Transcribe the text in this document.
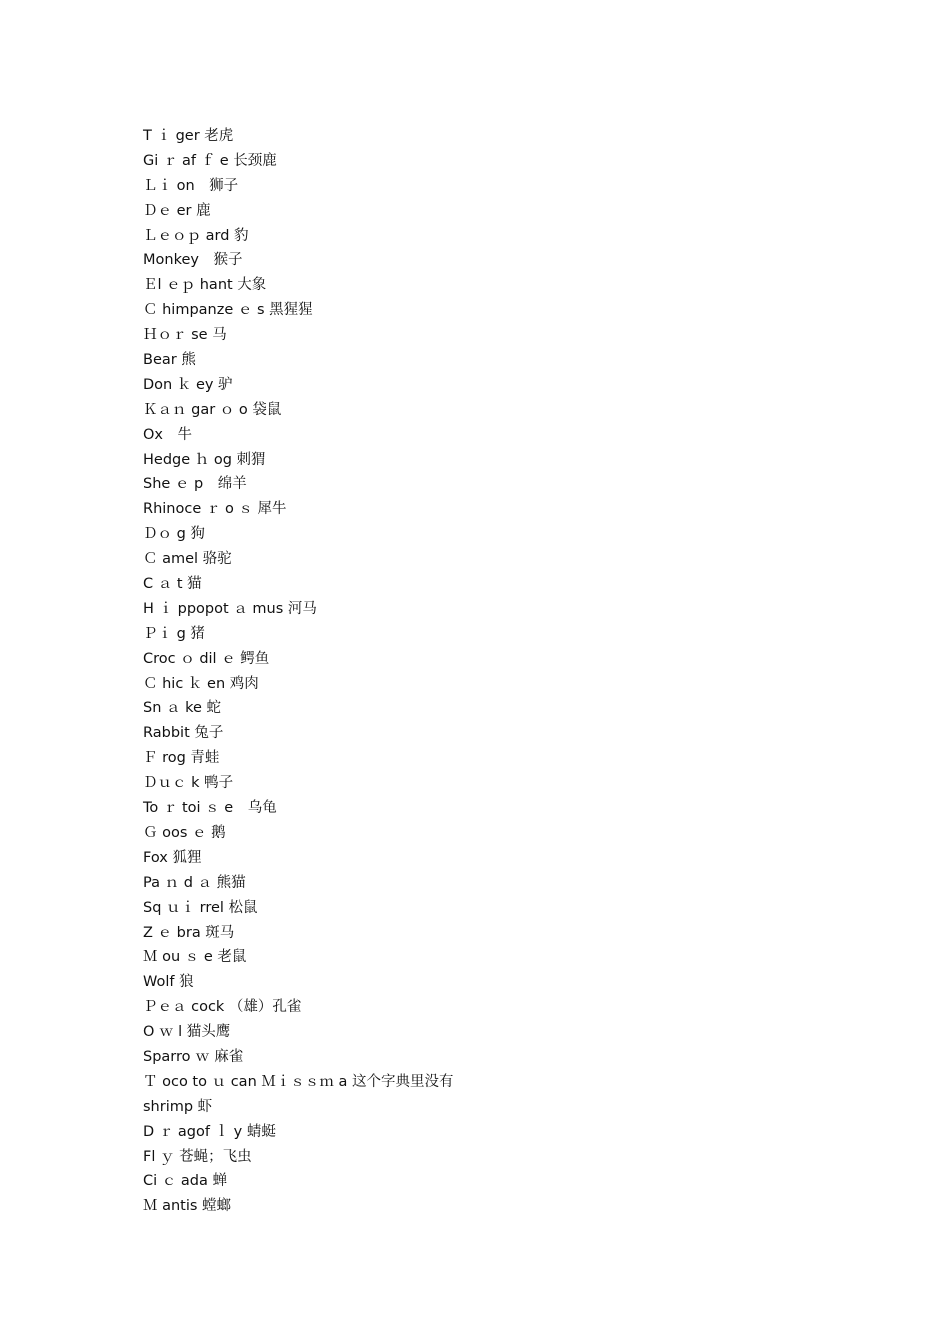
T ｉ ger 老虎
Gi ｒ af ｆ e 长颈鹿
Ｌｉ on　狮子
Ｄｅ er 鹿
Ｌｅｏｐ ard 豹
Monkey　猴子
Ｅl ｅｐ hant 大象
Ｃ himpanze ｅ s 黑猩猩
Ｈｏｒ se 马
Bear 熊
Don ｋ ey 驴
Ｋａｎ gar ｏ o 袋鼠
Ox　牛
Hedge ｈ og 刺猬
She ｅ p　绵羊
Rhinoce ｒ o ｓ 犀牛
Ｄｏ g 狗
Ｃ amel 骆驼
C ａ t 猫
H ｉ ppopot ａ mus 河马
Ｐｉ g 猪
Croc ｏ dil ｅ 鳄鱼
Ｃ hic ｋ en 鸡肉
Sn ａ ke 蛇
Rabbit 兔子
Ｆ rog 青蛙
Ｄｕｃ k 鸭子
To ｒ toi ｓ e　乌龟
Ｇ oos ｅ 鹅
Fox 狐狸
Pa ｎ d ａ 熊猫
Sq ｕｉ rrel 松鼠
Z ｅ bra 斑马
Ｍ ou ｓ e 老鼠
Wolf 狼
Ｐｅａ cock （雄）孔雀
O ｗ l 猫头鹰
Sparro ｗ 麻雀
Ｔ oco to ｕ can Ｍｉｓｓｍ a 这个字典里没有
shrimp 虾
D ｒ agof ｌ y 蜻蜓
Fl ｙ 苍蝇；飞虫
Ci ｃ ada 蝉
Ｍ antis 螳螂
